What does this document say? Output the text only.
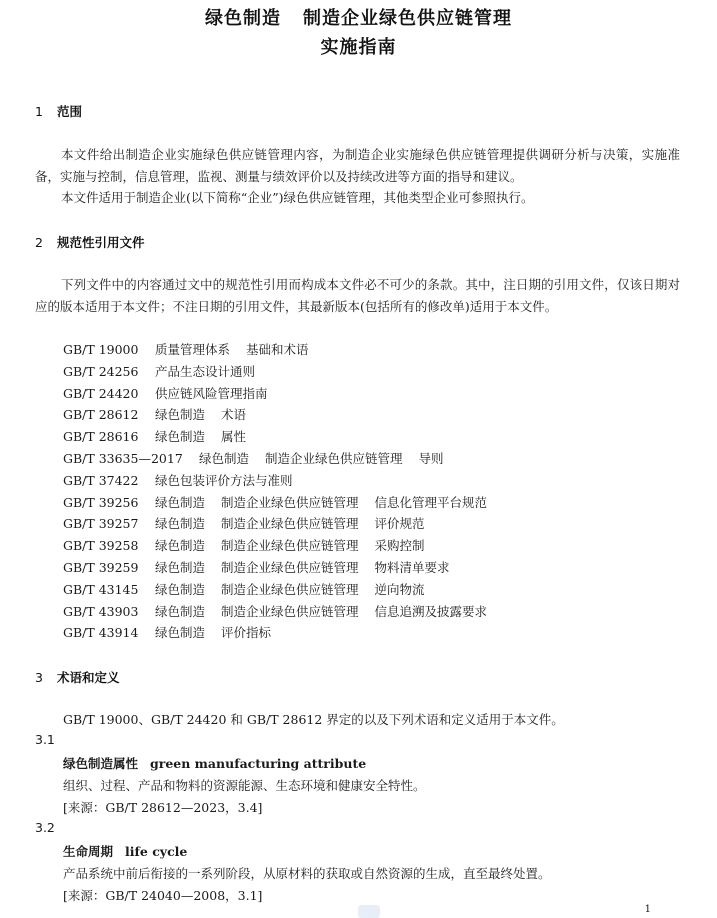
绿色制造 制造企业绿色供应链管理
实施指南
1 范围
本文件给出制造企业实施绿色供应链管理内容，为制造企业实施绿色供应链管理提供调研分析与决策，实施准备，实施与控制，信息管理，监视、测量与绩效评价以及持续改进等方面的指导和建议。
本文件适用于制造企业(以下简称“企业”)绿色供应链管理，其他类型企业可参照执行。
2 规范性引用文件
下列文件中的内容通过文中的规范性引用而构成本文件必不可少的条款。其中，注日期的引用文件，仅该日期对应的版本适用于本文件；不注日期的引用文件，其最新版本(包括所有的修改单)适用于本文件。
GB/T 19000 质量管理体系 基础和术语
GB/T 24256 产品生态设计通则
GB/T 24420 供应链风险管理指南
GB/T 28612 绿色制造 术语
GB/T 28616 绿色制造 属性
GB/T 33635—2017 绿色制造 制造企业绿色供应链管理 导则
GB/T 37422 绿色包装评价方法与准则
GB/T 39256 绿色制造 制造企业绿色供应链管理 信息化管理平台规范
GB/T 39257 绿色制造 制造企业绿色供应链管理 评价规范
GB/T 39258 绿色制造 制造企业绿色供应链管理 采购控制
GB/T 39259 绿色制造 制造企业绿色供应链管理 物料清单要求
GB/T 43145 绿色制造 制造企业绿色供应链管理 逆向物流
GB/T 43903 绿色制造 制造企业绿色供应链管理 信息追溯及披露要求
GB/T 43914 绿色制造 评价指标
3 术语和定义
GB/T 19000、GB/T 24420 和 GB/T 28612 界定的以及下列术语和定义适用于本文件。
3.1
绿色制造属性 green manufacturing attribute
组织、过程、产品和物料的资源能源、生态环境和健康安全特性。
[来源：GB/T 28612—2023，3.4]
3.2
生命周期 life cycle
产品系统中前后衔接的一系列阶段，从原材料的获取或自然资源的生成，直至最终处置。
[来源：GB/T 24040—2008，3.1]
1
